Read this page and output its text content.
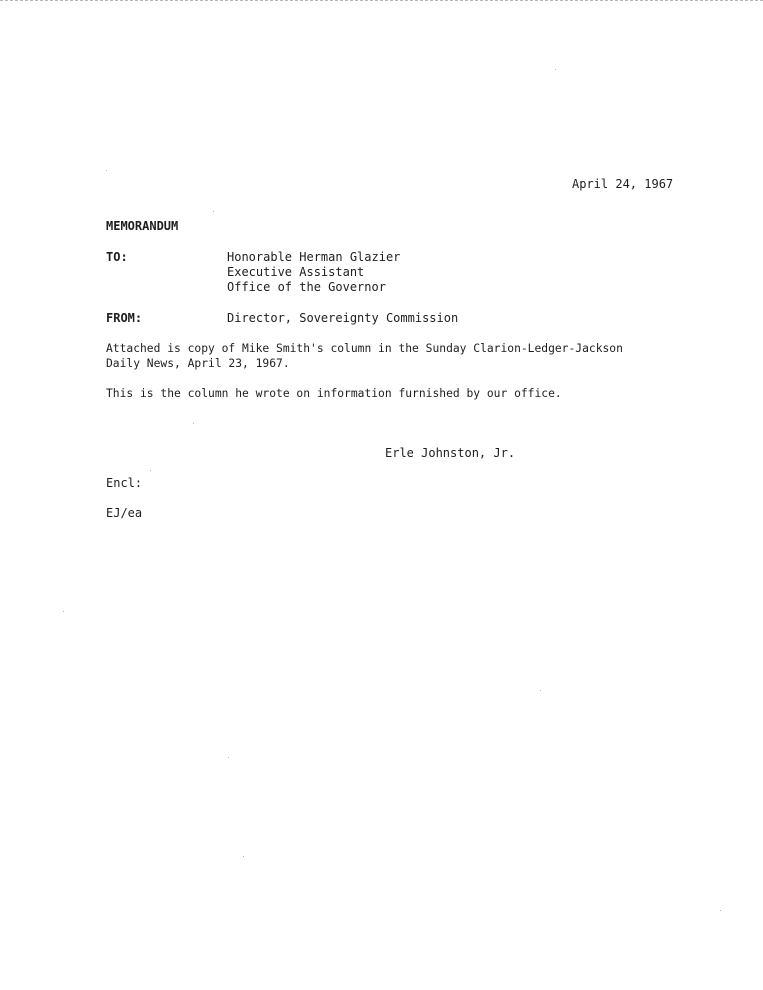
April 24, 1967
MEMORANDUM
TO:	Honorable Herman Glazier
Executive Assistant
Office of the Governor
FROM:	Director, Sovereignty Commission
Attached is copy of Mike Smith's column in the Sunday Clarion-Ledger-Jackson
Daily News, April 23, 1967.
This is the column he wrote on information furnished by our office.
Erle Johnston, Jr.
Encl:
EJ/ea
